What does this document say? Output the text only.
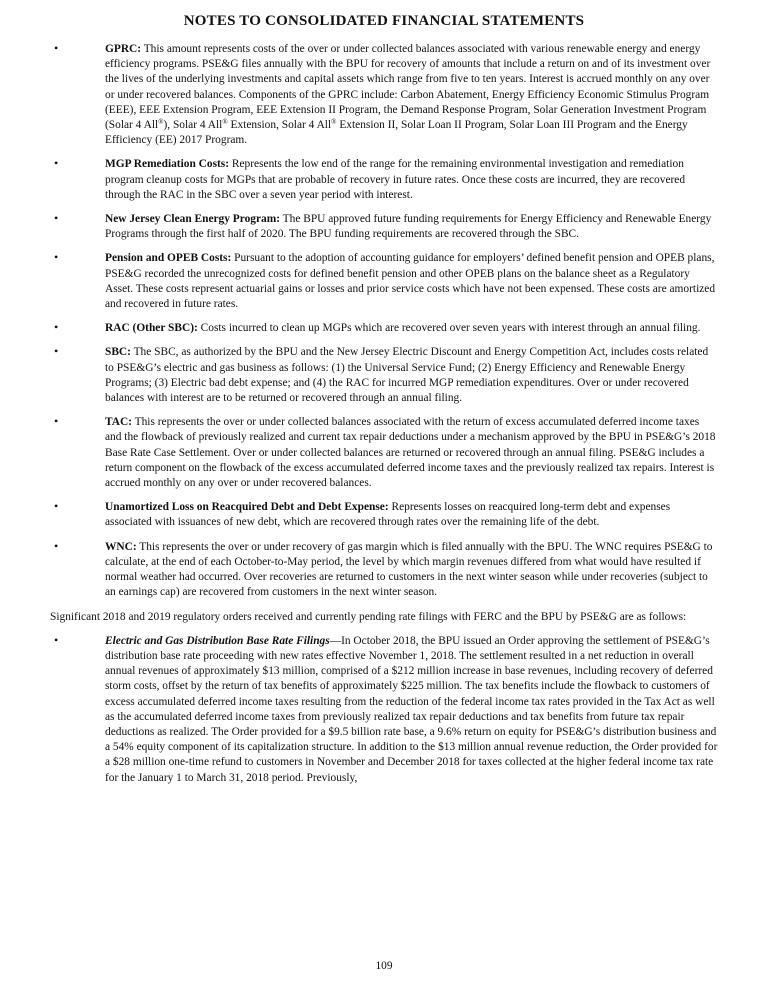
NOTES TO CONSOLIDATED FINANCIAL STATEMENTS
•	GPRC: This amount represents costs of the over or under collected balances associated with various renewable energy and energy efficiency programs. PSE&G files annually with the BPU for recovery of amounts that include a return on and of its investment over the lives of the underlying investments and capital assets which range from five to ten years. Interest is accrued monthly on any over or under recovered balances. Components of the GPRC include: Carbon Abatement, Energy Efficiency Economic Stimulus Program (EEE), EEE Extension Program, EEE Extension II Program, the Demand Response Program, Solar Generation Investment Program (Solar 4 All®), Solar 4 All® Extension, Solar 4 All® Extension II, Solar Loan II Program, Solar Loan III Program and the Energy Efficiency (EE) 2017 Program.
•	MGP Remediation Costs: Represents the low end of the range for the remaining environmental investigation and remediation program cleanup costs for MGPs that are probable of recovery in future rates. Once these costs are incurred, they are recovered through the RAC in the SBC over a seven year period with interest.
•	New Jersey Clean Energy Program: The BPU approved future funding requirements for Energy Efficiency and Renewable Energy Programs through the first half of 2020. The BPU funding requirements are recovered through the SBC.
•	Pension and OPEB Costs: Pursuant to the adoption of accounting guidance for employers’ defined benefit pension and OPEB plans, PSE&G recorded the unrecognized costs for defined benefit pension and other OPEB plans on the balance sheet as a Regulatory Asset. These costs represent actuarial gains or losses and prior service costs which have not been expensed. These costs are amortized and recovered in future rates.
•	RAC (Other SBC): Costs incurred to clean up MGPs which are recovered over seven years with interest through an annual filing.
•	SBC: The SBC, as authorized by the BPU and the New Jersey Electric Discount and Energy Competition Act, includes costs related to PSE&G’s electric and gas business as follows: (1) the Universal Service Fund; (2) Energy Efficiency and Renewable Energy Programs; (3) Electric bad debt expense; and (4) the RAC for incurred MGP remediation expenditures. Over or under recovered balances with interest are to be returned or recovered through an annual filing.
•	TAC: This represents the over or under collected balances associated with the return of excess accumulated deferred income taxes and the flowback of previously realized and current tax repair deductions under a mechanism approved by the BPU in PSE&G’s 2018 Base Rate Case Settlement. Over or under collected balances are returned or recovered through an annual filing. PSE&G includes a return component on the flowback of the excess accumulated deferred income taxes and the previously realized tax repairs. Interest is accrued monthly on any over or under recovered balances.
•	Unamortized Loss on Reacquired Debt and Debt Expense: Represents losses on reacquired long-term debt and expenses associated with issuances of new debt, which are recovered through rates over the remaining life of the debt.
•	WNC: This represents the over or under recovery of gas margin which is filed annually with the BPU. The WNC requires PSE&G to calculate, at the end of each October-to-May period, the level by which margin revenues differed from what would have resulted if normal weather had occurred. Over recoveries are returned to customers in the next winter season while under recoveries (subject to an earnings cap) are recovered from customers in the next winter season.

Significant 2018 and 2019 regulatory orders received and currently pending rate filings with FERC and the BPU by PSE&G are as follows:

•	Electric and Gas Distribution Base Rate Filings—In October 2018, the BPU issued an Order approving the settlement of PSE&G’s distribution base rate proceeding with new rates effective November 1, 2018. The settlement resulted in a net reduction in overall annual revenues of approximately $13 million, comprised of a $212 million increase in base revenues, including recovery of deferred storm costs, offset by the return of tax benefits of approximately $225 million. The tax benefits include the flowback to customers of excess accumulated deferred income taxes resulting from the reduction of the federal income tax rates provided in the Tax Act as well as the accumulated deferred income taxes from previously realized tax repair deductions and tax benefits from future tax repair deductions as realized. The Order provided for a $9.5 billion rate base, a 9.6% return on equity for PSE&G’s distribution business and a 54% equity component of its capitalization structure. In addition to the $13 million annual revenue reduction, the Order provided for a $28 million one-time refund to customers in November and December 2018 for taxes collected at the higher federal income tax rate for the January 1 to March 31, 2018 period. Previously,
109
